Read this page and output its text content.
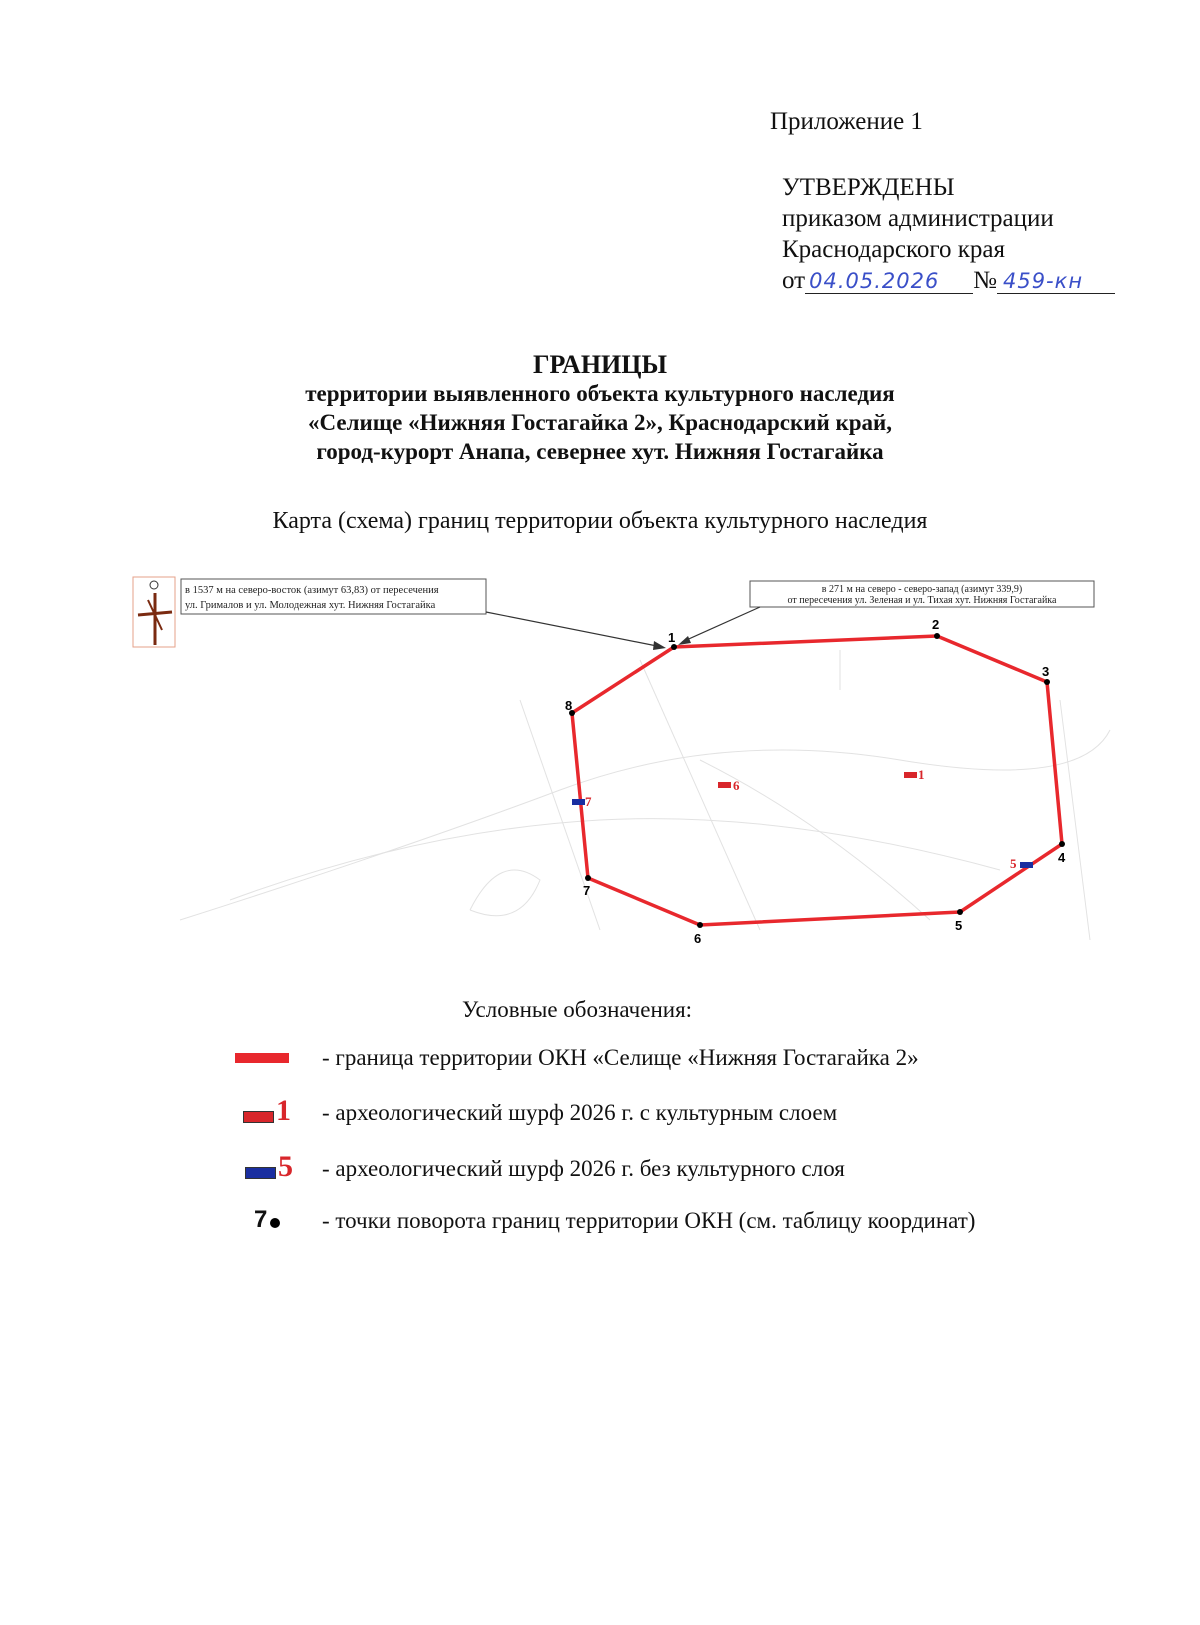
Приложение 1
УТВЕРЖДЕНЫ
приказом администрации
Краснодарского края
от 04.05.2026 № 459-кн
ГРАНИЦЫ
территории выявленного объекта культурного наследия
«Селище «Нижняя Гостагайка 2», Краснодарский край,
город-курорт Анапа, севернее хут. Нижняя Гостагайка
Карта (схема) границ территории объекта культурного наследия
в 1537 м на северо-восток (азимут 63,83) от пересечения
ул. Грималов и ул. Молодежная хут. Нижняя Гостагайка
в 271 м на северо - северо-запад (азимут 339,9)
от пересечения ул. Зеленая и ул. Тихая хут. Нижняя Гостагайка
1
2
3
4
5
6
7
8
1
6
7
5
Условные обозначения:
- граница территории ОКН «Селище «Нижняя Гостагайка 2»
1 - археологический шурф 2026 г. с культурным слоем
5 - археологический шурф 2026 г. без культурного слоя
7 - точки поворота границ территории ОКН (см. таблицу координат)
